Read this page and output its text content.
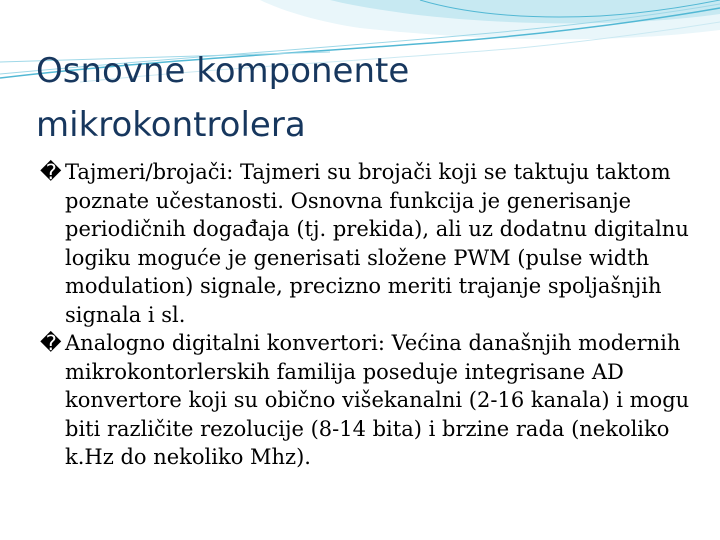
Osnovne komponente
mikrokontrolera

� Tajmeri/brojači: Tajmeri su brojači koji se taktuju taktom poznate učestanosti. Osnovna funkcija je generisanje periodičnih događaja (tj. prekida), ali uz dodatnu digitalnu logiku moguće je generisati složene PWM (pulse width modulation) signale, precizno meriti trajanje spoljašnjih signala i sl.

� Analogno digitalni konvertori: Većina današnjih modernih mikrokontorlerskih familija poseduje integrisane AD konvertore koji su obično višekanalni (2-16 kanala) i mogu biti različite rezolucije (8-14 bita) i brzine rada (nekoliko k.Hz do nekoliko Mhz).
